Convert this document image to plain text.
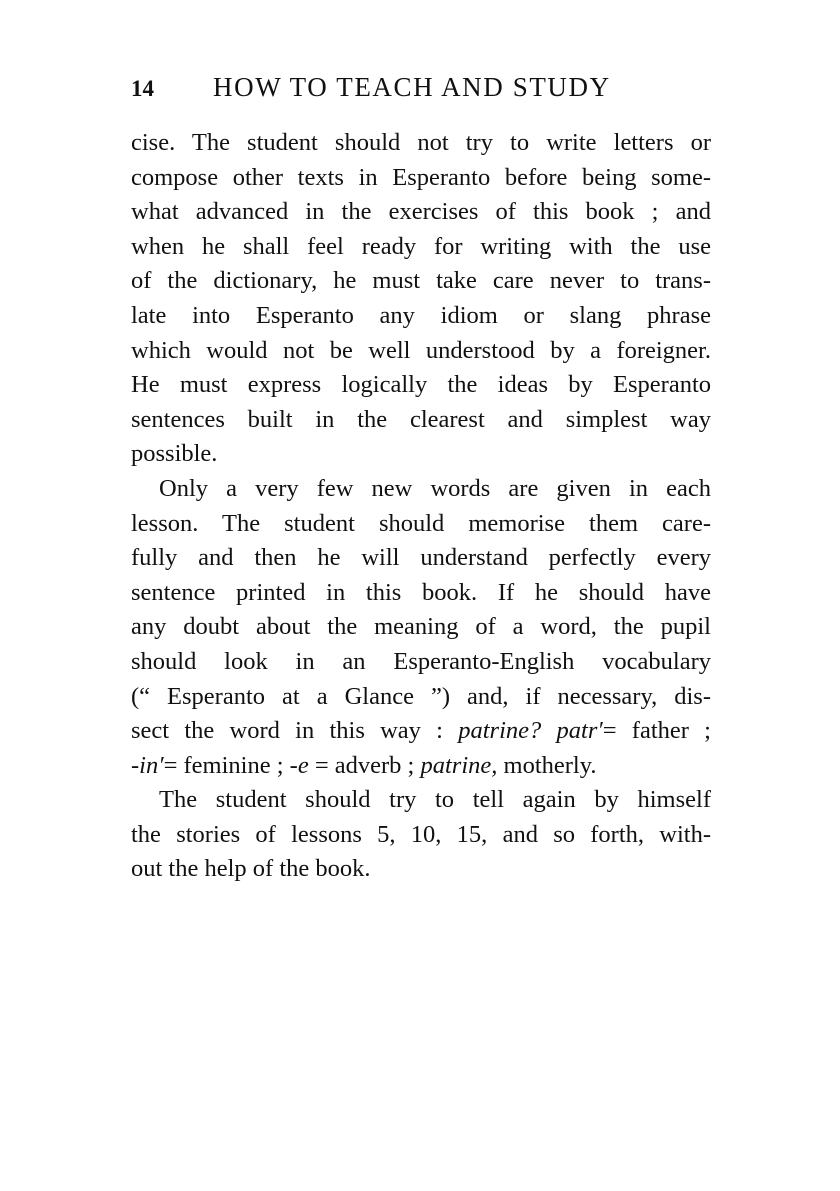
14 HOW TO TEACH AND STUDY
cise. The student should not try to write letters or
compose other texts in Esperanto before being some-
what advanced in the exercises of this book ; and
when he shall feel ready for writing with the use
of the dictionary, he must take care never to trans-
late into Esperanto any idiom or slang phrase
which would not be well understood by a foreigner.
He must express logically the ideas by Esperanto
sentences built in the clearest and simplest way
possible.
Only a very few new words are given in each
lesson. The student should memorise them care-
fully and then he will understand perfectly every
sentence printed in this book. If he should have
any doubt about the meaning of a word, the pupil
should look in an Esperanto-English vocabulary
(“ Esperanto at a Glance ”) and, if necessary, dis-
sect the word in this way : patrine? patr′= father ;
-in′= feminine ; -e = adverb ; patrine, motherly.
The student should try to tell again by himself
the stories of lessons 5, 10, 15, and so forth, with-
out the help of the book.
